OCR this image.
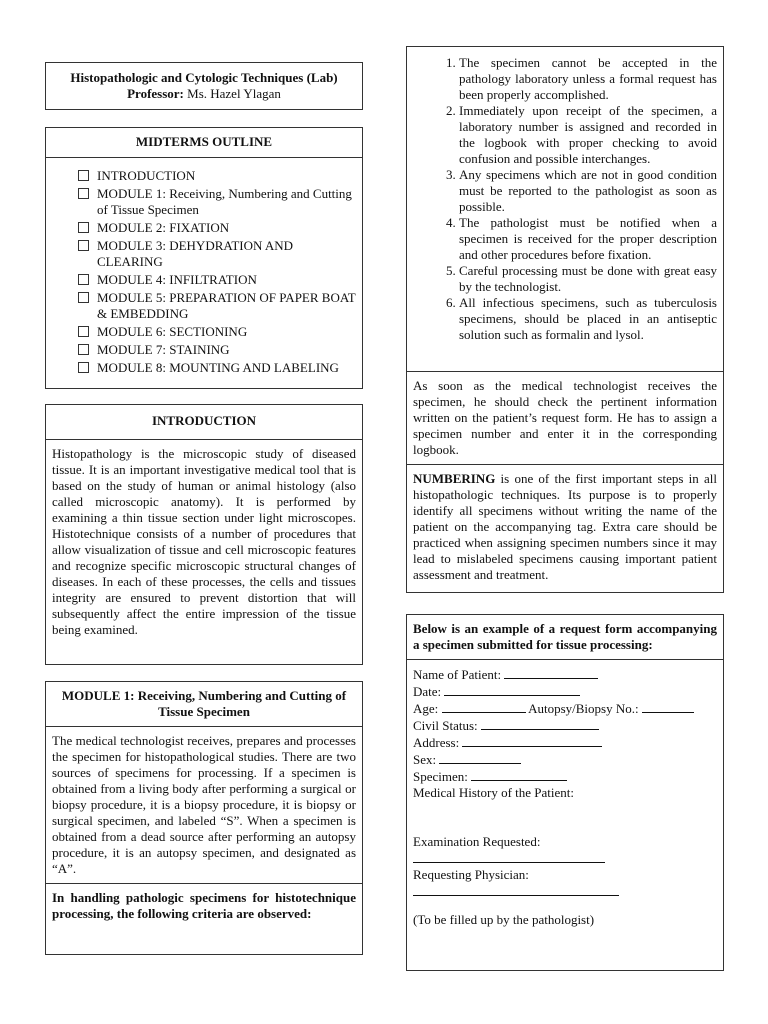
Histopathologic and Cytologic Techniques (Lab)
Professor: Ms. Hazel Ylagan
MIDTERMS OUTLINE
INTRODUCTION
MODULE 1: Receiving, Numbering and Cutting of Tissue Specimen
MODULE 2: FIXATION
MODULE 3: DEHYDRATION AND CLEARING
MODULE 4: INFILTRATION
MODULE 5: PREPARATION OF PAPER BOAT & EMBEDDING
MODULE 6: SECTIONING
MODULE 7: STAINING
MODULE 8: MOUNTING AND LABELING
INTRODUCTION
Histopathology is the microscopic study of diseased tissue. It is an important investigative medical tool that is based on the study of human or animal histology (also called microscopic anatomy). It is performed by examining a thin tissue section under light microscopes. Histotechnique consists of a number of procedures that allow visualization of tissue and cell microscopic features and recognize specific microscopic structural changes of diseases. In each of these processes, the cells and tissues integrity are ensured to prevent distortion that will subsequently affect the entire impression of the tissue being examined.
MODULE 1: Receiving, Numbering and Cutting of Tissue Specimen
The medical technologist receives, prepares and processes the specimen for histopathological studies. There are two sources of specimens for processing. If a specimen is obtained from a living body after performing a surgical or biopsy procedure, it is a biopsy procedure, it is biopsy or surgical specimen, and labeled “S”. When a specimen is obtained from a dead source after performing an autopsy procedure, it is an autopsy specimen, and designated as “A”.
In handling pathologic specimens for histotechnique processing, the following criteria are observed:
1. The specimen cannot be accepted in the pathology laboratory unless a formal request has been properly accomplished.
2. Immediately upon receipt of the specimen, a laboratory number is assigned and recorded in the logbook with proper checking to avoid confusion and possible interchanges.
3. Any specimens which are not in good condition must be reported to the pathologist as soon as possible.
4. The pathologist must be notified when a specimen is received for the proper description and other procedures before fixation.
5. Careful processing must be done with great easy by the technologist.
6. All infectious specimens, such as tuberculosis specimens, should be placed in an antiseptic solution such as formalin and lysol.
As soon as the medical technologist receives the specimen, he should check the pertinent information written on the patient’s request form. He has to assign a specimen number and enter it in the corresponding logbook.
NUMBERING is one of the first important steps in all histopathologic techniques. Its purpose is to properly identify all specimens without writing the name of the patient on the accompanying tag. Extra care should be practiced when assigning specimen numbers since it may lead to mislabeled specimens causing important patient assessment and treatment.
Below is an example of a request form accompanying a specimen submitted for tissue processing:
Name of Patient:
Date:
Age:	Autopsy/Biopsy No.:
Civil Status:
Address:
Sex:
Specimen:
Medical History of the Patient:
Examination Requested:
Requesting Physician:
(To be filled up by the pathologist)
